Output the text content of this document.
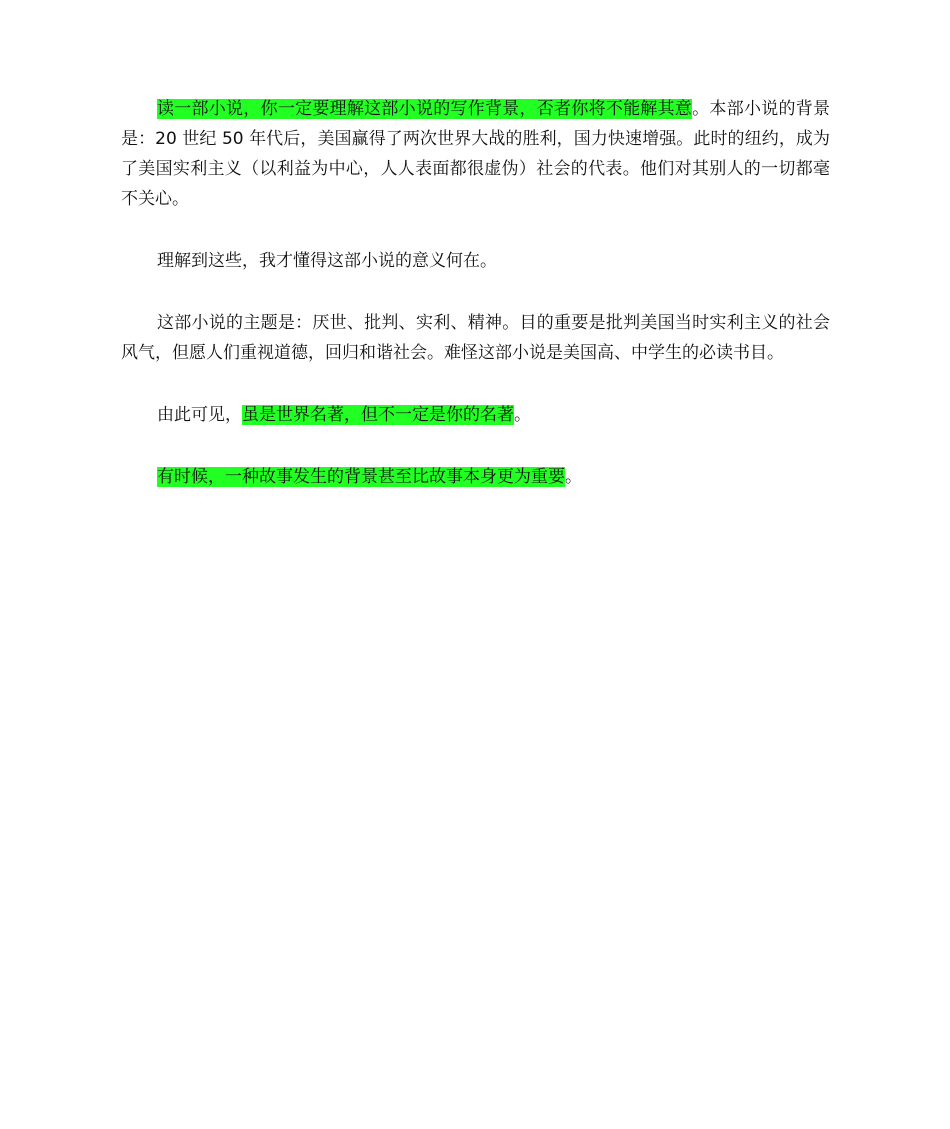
读一部小说，你一定要理解这部小说的写作背景，否者你将不能解其意。本部小说的背景是：20 世纪 50 年代后，美国赢得了两次世界大战的胜利，国力快速增强。此时的纽约，成为了美国实利主义（以利益为中心，人人表面都很虚伪）社会的代表。他们对其别人的一切都毫不关心。

理解到这些，我才懂得这部小说的意义何在。

这部小说的主题是：厌世、批判、实利、精神。目的重要是批判美国当时实利主义的社会风气，但愿人们重视道德，回归和谐社会。难怪这部小说是美国高、中学生的必读书目。

由此可见，虽是世界名著，但不一定是你的名著。

有时候，一种故事发生的背景甚至比故事本身更为重要。
